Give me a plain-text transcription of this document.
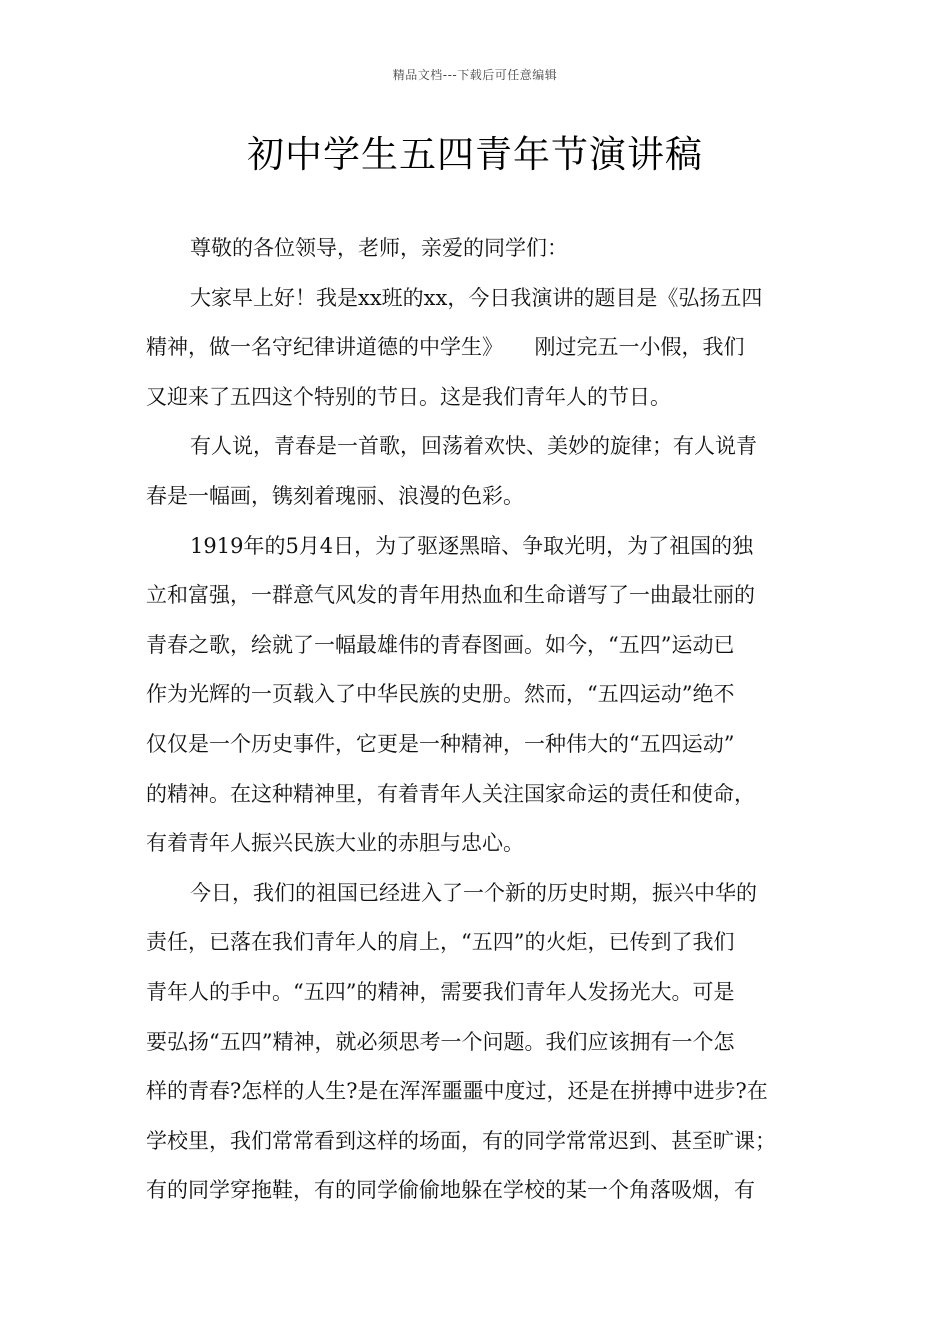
精品文档---下载后可任意编辑
初中学生五四青年节演讲稿
尊敬的各位领导，老师，亲爱的同学们：
大家早上好！我是xx班的xx，今日我演讲的题目是《弘扬五四
精神，做一名守纪律讲道德的中学生》　　刚过完五一小假，我们
又迎来了五四这个特别的节日。这是我们青年人的节日。
有人说，青春是一首歌，回荡着欢快、美妙的旋律；有人说青
春是一幅画，镌刻着瑰丽、浪漫的色彩。
1919年的5月4日，为了驱逐黑暗、争取光明，为了祖国的独
立和富强，一群意气风发的青年用热血和生命谱写了一曲最壮丽的
青春之歌，绘就了一幅最雄伟的青春图画。如今，“五四”运动已
作为光辉的一页载入了中华民族的史册。然而，“五四运动”绝不
仅仅是一个历史事件，它更是一种精神，一种伟大的“五四运动”
的精神。在这种精神里，有着青年人关注国家命运的责任和使命，
有着青年人振兴民族大业的赤胆与忠心。
今日，我们的祖国已经进入了一个新的历史时期，振兴中华的
责任，已落在我们青年人的肩上，“五四”的火炬，已传到了我们
青年人的手中。“五四”的精神，需要我们青年人发扬光大。可是
要弘扬“五四”精神，就必须思考一个问题。我们应该拥有一个怎
样的青春?怎样的人生?是在浑浑噩噩中度过，还是在拼搏中进步?在
学校里，我们常常看到这样的场面，有的同学常常迟到、甚至旷课；
有的同学穿拖鞋，有的同学偷偷地躲在学校的某一个角落吸烟，有
